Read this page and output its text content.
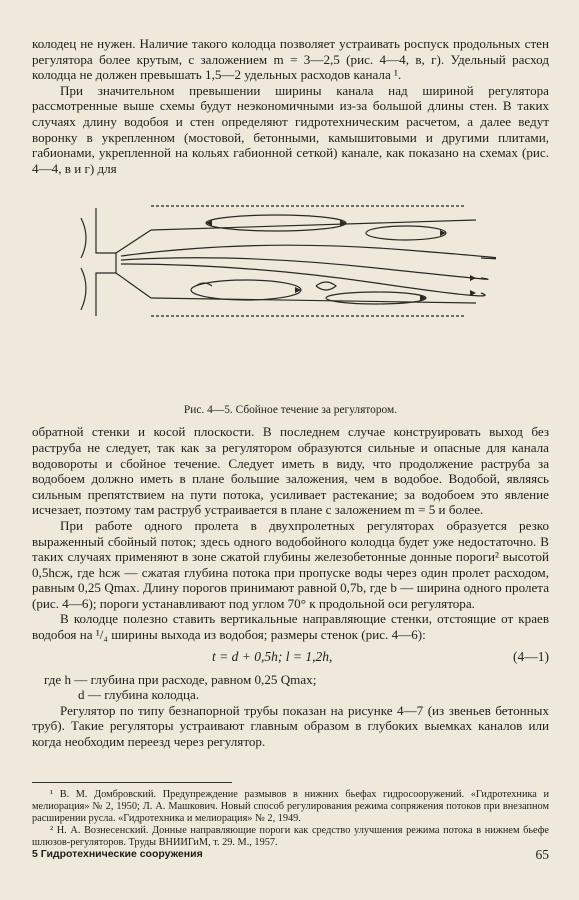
колодец не нужен. Наличие такого колодца позволяет устраивать роспуск продольных стен регулятора более крутым, с заложением m = 3—2,5 (рис. 4—4, в, г). Удельный расход колодца не должен превышать 1,5—2 удельных расходов канала ¹.

При значительном превышении ширины канала над шириной регулятора рассмотренные выше схемы будут неэкономичными из-за большой длины стен. В таких случаях длину водобоя и стен определяют гидротехническим расчетом, а далее ведут воронку в укрепленном (мостовой, бетонными, камышитовыми и другими плитами, габионами, укрепленной на кольях габионной сеткой) канале, как показано на схемах (рис. 4—4, в и г) для

Рис. 4—5. Сбойное течение за регулятором.

обратной стенки и косой плоскости. В последнем случае конструировать выход без раструба не следует, так как за регулятором образуются сильные и опасные для канала водовороты и сбойное течение. Следует иметь в виду, что продолжение раструба за водобоем должно иметь в плане большие заложения, чем в водобое. Водобой, являясь сильным препятствием на пути потока, усиливает растекание; за водобоем это явление исчезает, поэтому там раструб устраивается в плане с заложением m = 5 и более.

При работе одного пролета в двухпролетных регуляторах образуется резко выраженный сбойный поток; здесь одного водобойного колодца будет уже недостаточно. В таких случаях применяют в зоне сжатой глубины железобетонные донные пороги² высотой 0,5hсж, где hсж — сжатая глубина потока при пропуске воды через один пролет расходом, равным 0,25 Qmax. Длину порогов принимают равной 0,7b, где b — ширина одного пролета (рис. 4—6); пороги устанавливают под углом 70° к продольной оси регулятора.

В колодце полезно ставить вертикальные направляющие стенки, отстоящие от краев водобоя на ¹/₄ ширины выхода из водобоя; размеры стенок (рис. 4—6):

t = d + 0,5h; l = 1,2h,	(4—1)

где h — глубина при расходе, равном 0,25 Qmax;

d — глубина колодца.

Регулятор по типу безнапорной трубы показан на рисунке 4—7 (из звеньев бетонных труб). Такие регуляторы устраивают главным образом в глубоких выемках каналов или когда необходим переезд через регулятор.

¹ В. М. Домбровский. Предупреждение размывов в нижних бьефах гидросооружений. «Гидротехника и мелиорация» № 2, 1950; Л. А. Машкович. Новый способ регулирования режима сопряжения потоков при внезапном расширении русла. «Гидротехника и мелиорация» № 2, 1949.

² Н. А. Вознесенский. Донные направляющие пороги как средство улучшения режима потока в нижнем бьефе шлюзов-регуляторов. Труды ВНИИГиМ, т. 29. М., 1957.

5 Гидротехнические сооружения	65
